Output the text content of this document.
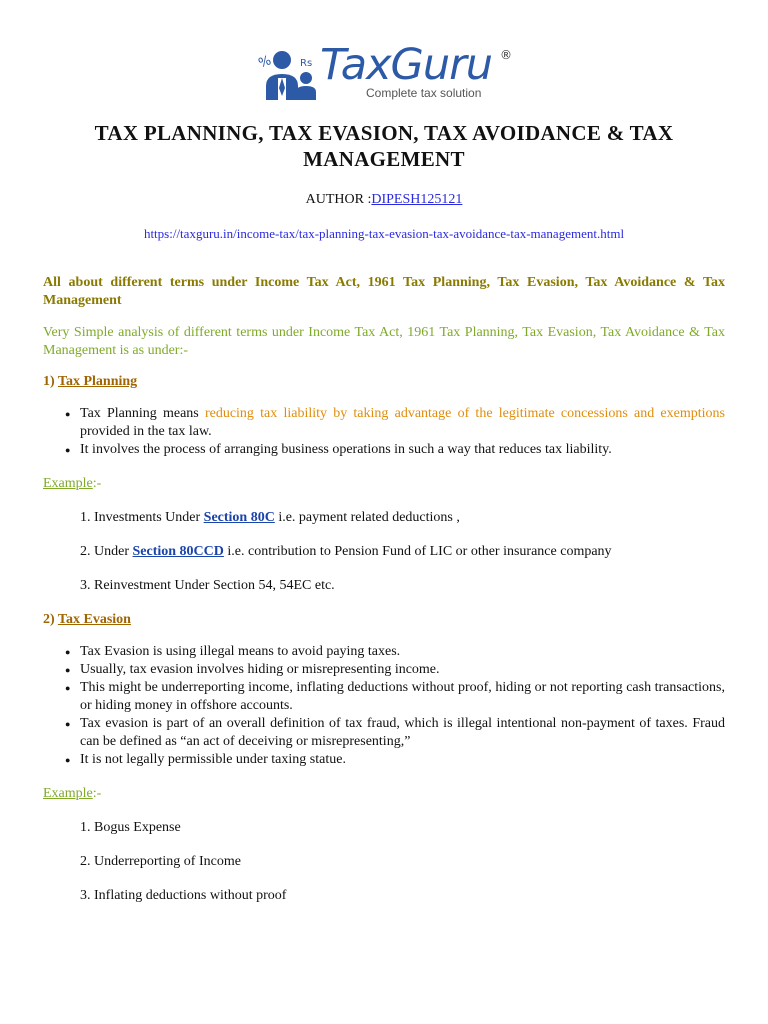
%	Rs TaxGuru ®
Complete tax solution
TAX PLANNING, TAX EVASION, TAX AVOIDANCE & TAX MANAGEMENT
AUTHOR :DIPESH125121
https://taxguru.in/income-tax/tax-planning-tax-evasion-tax-avoidance-tax-management.html

All about different terms under Income Tax Act, 1961 Tax Planning, Tax Evasion, Tax Avoidance & Tax Management

Very Simple analysis of different terms under Income Tax Act, 1961 Tax Planning, Tax Evasion, Tax Avoidance & Tax Management is as under:-

1) Tax Planning

● Tax Planning means reducing tax liability by taking advantage of the legitimate concessions and exemptions provided in the tax law.
● It involves the process of arranging business operations in such a way that reduces tax liability.

Example:-

1. Investments Under Section 80C i.e. payment related deductions ,
2. Under Section 80CCD i.e. contribution to Pension Fund of LIC or other insurance company
3. Reinvestment Under Section 54, 54EC etc.

2) Tax Evasion

● Tax Evasion is using illegal means to avoid paying taxes.
● Usually, tax evasion involves hiding or misrepresenting income.
● This might be underreporting income, inflating deductions without proof, hiding or not reporting cash transactions, or hiding money in offshore accounts.
● Tax evasion is part of an overall definition of tax fraud, which is illegal intentional non-payment of taxes. Fraud can be defined as “an act of deceiving or misrepresenting,”
● It is not legally permissible under taxing statue.

Example:-

1. Bogus Expense
2. Underreporting of Income
3. Inflating deductions without proof
